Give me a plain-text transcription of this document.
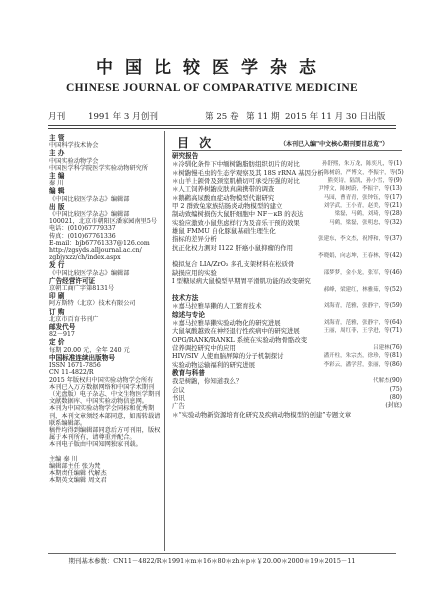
中国比较医学杂志
CHINESE JOURNAL OF COMPARATIVE MEDICINE
月刊	1991 年 3 月创刊	第 25 卷 第 11 期 2015 年 11 月 30 日出版
主 管
中国科学技术协会
主 办
中国实验动物学会
中国医学科学院医学实验动物研究所
主 编
秦 川
编 辑
《中国比较医学杂志》编辑部
出 版
《中国比较医学杂志》编辑部
100021，北京市朝阳区潘家园南里5号
电话：(010)67779337
传真：(010)67761336
E-mail：bjb67761337@126.com
http://zgsyds.alljournal.ac.cn/
zgbjyxzz/ch/index.aspx
发 行
《中国比较医学杂志》编辑部
广告经营许可证
京朝工商广字第8131号
印 刷
阿方斯特（北京）技术有限公司
订 购
北京市百育书刊广
邮发代号
82－917
定 价
每期 20.00 元，全年 240 元
中国标准连续出版物号
ISSN 1671-7856
CN 11-4822/R
2015 年版权归中国实验动物学会所有
本刊已入万方数据网络和中国学术期刊（光盘版）电子杂志、中文生物医学期刊文献数据库、中国实验动物信息网。
本刊为中国实验动物学会同标和优秀期刊，本刊文章须经本部同意，如需转载请联系编辑部。
稿件均得到编辑部同意后方可刊用，版权属于本刊所有，请尊重并配合。
本刊电子版由中国知网独家刊载。

主编 秦 川
编辑部主任 张为梵
本期责任编辑 代解杰
本期英文编辑 周文君
目 次	（本刊已入编"中文核心期刊要目总览"）
研究报告
＊冷驯化条件下中缅树鼩脂肪组织切片的对比	孙舒熙，朱万龙，陈奕凡，等 (1)
＊树鼩慢毛虫的生态学观察及其 18S rRNA 基因分析 陈树蔚，严博文，李振宇，等 (5)
＊山羊上颌骨及颈室肌横切可承受压强的对比	熊奕诗，陆凯，孙小雪，等 (9)
＊人工饲养树鼩皮肤真菌携带的调查	尹博文，陈树蔚，李振宇，等 (13)
＊鹅鹳高尿酸血症动物模型代谢研究	马园，曹青青，张钟钰，等 (17)
甲 2 群致兔家族结肠炎动物模型的建立	刘学武，王小青，赵美，等 (21)
制动致编树损伤大鼠肝细胞中 NF－κB 的表达	梁磊，马鹤，刘琦，等 (28)
实验应激致小鼠焦虑样行为及音乐干预的效果	马鹤，梁磊，张明忠，等 (32)
雄鼠 FMMU 自化豚鼠基础生理生化
指标的差异分析	张建东，李文杰，祝博和，等 (37)
抗正化权力测对 I122 肝癌小鼠抑瘤的作用
李晓娟，向志坤，王春林，等 (42)
模拟复合 LIA/ZrO₂ 多孔支架材料在松质骨
缺损应用的实验	邵梦梦，金小龙，张军，等 (46)
I 型糖尿病大鼠模型早期胃平滑肌功能的改变研究
郝峰，梁建红，林雅茹，等 (52)
技术方法
＊嘉马拉雅旱獭的人工繁育技术	刘海青，范雅，张静宇，等 (59)
综述与专论
＊嘉马拉雅旱獭实验动物化的研究进展	刘海青，范雅，张静宇，等 (64)
大鼠氧酸越致在神经退行性疾病中的研究进展	王丽，周红菲，王学进，等 (71)
OPG/RANK/RANKL 系统在实验动物骨骼改变
营养调控研究中的应用	吕建林 (76)
HIV/SIV 人使血脑屏障的分子机制探讨	潘开柱，朱宗杰，徐珍，等 (81)
实验动物运输福利的研究进展	李彩云，潘学营，张丽，等 (86)
教育与科普
我是树鼩，你知道我么？	代解杰 (90)
会议	(75)
书讯	(80)
广告	(封底)
＊“实验动物新资源培育化研究及疾病动物模型的创建”专题文章
期刊基本参数：CN11－4822/R＊1991＊m＊16＊80＊zh＊p＊￥20.00＊2000＊19＊2015－11
